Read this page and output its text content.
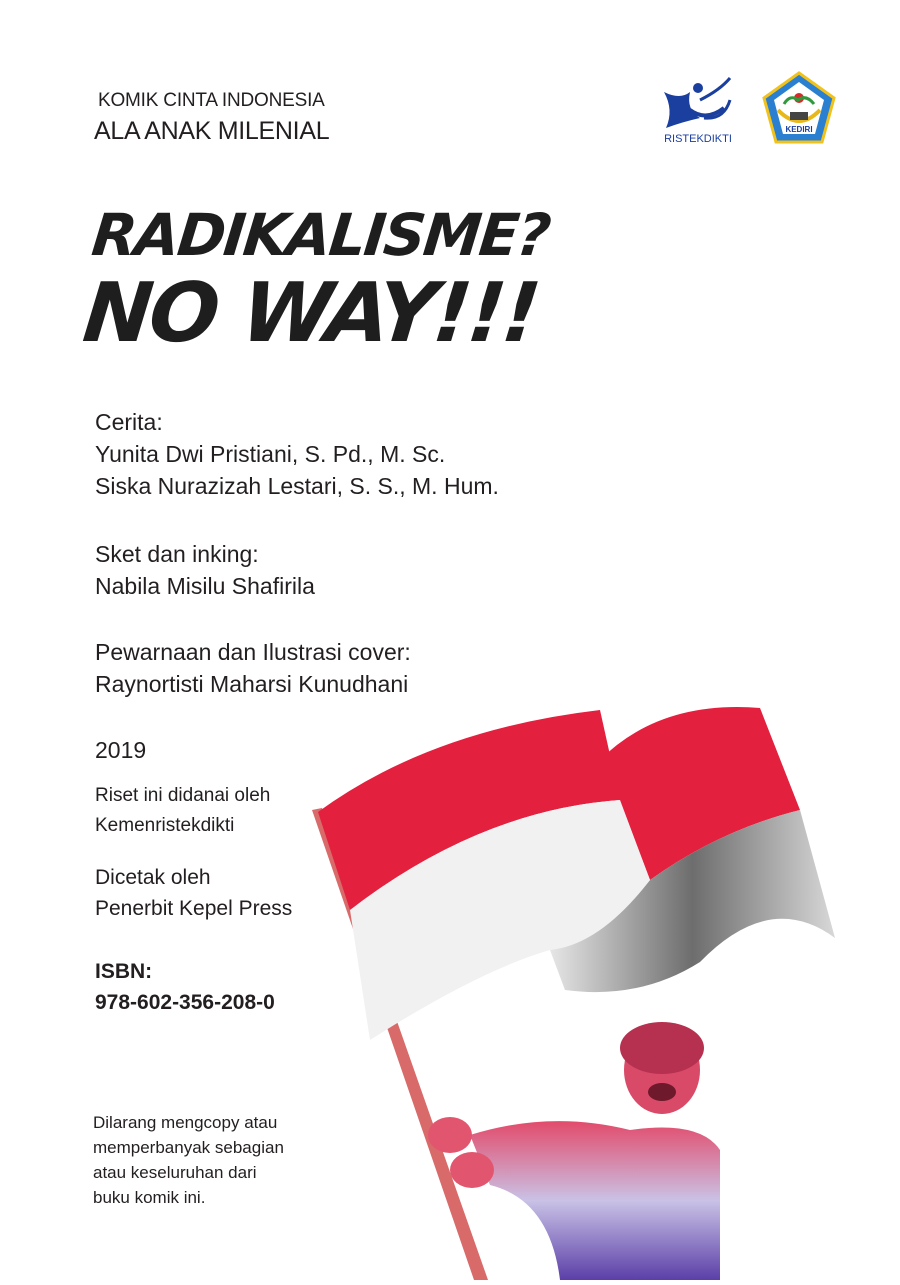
KOMIK CINTA INDONESIA
ALA ANAK MILENIAL	RISTEKDIKTI
KEDIRI
RADIKALISME?
NO WAY!!!
Cerita:
Yunita Dwi Pristiani, S. Pd., M. Sc.
Siska Nurazizah Lestari, S. S., M. Hum.
Sket dan inking:
Nabila Misilu Shafirila
Pewarnaan dan Ilustrasi cover:
Raynortisti Maharsi Kunudhani
2019
Riset ini didanai oleh
Kemenristekdikti
Dicetak oleh
Penerbit Kepel Press
ISBN:
978-602-356-208-0
Dilarang mengcopy atau
memperbanyak sebagian
atau keseluruhan dari
buku komik ini.
